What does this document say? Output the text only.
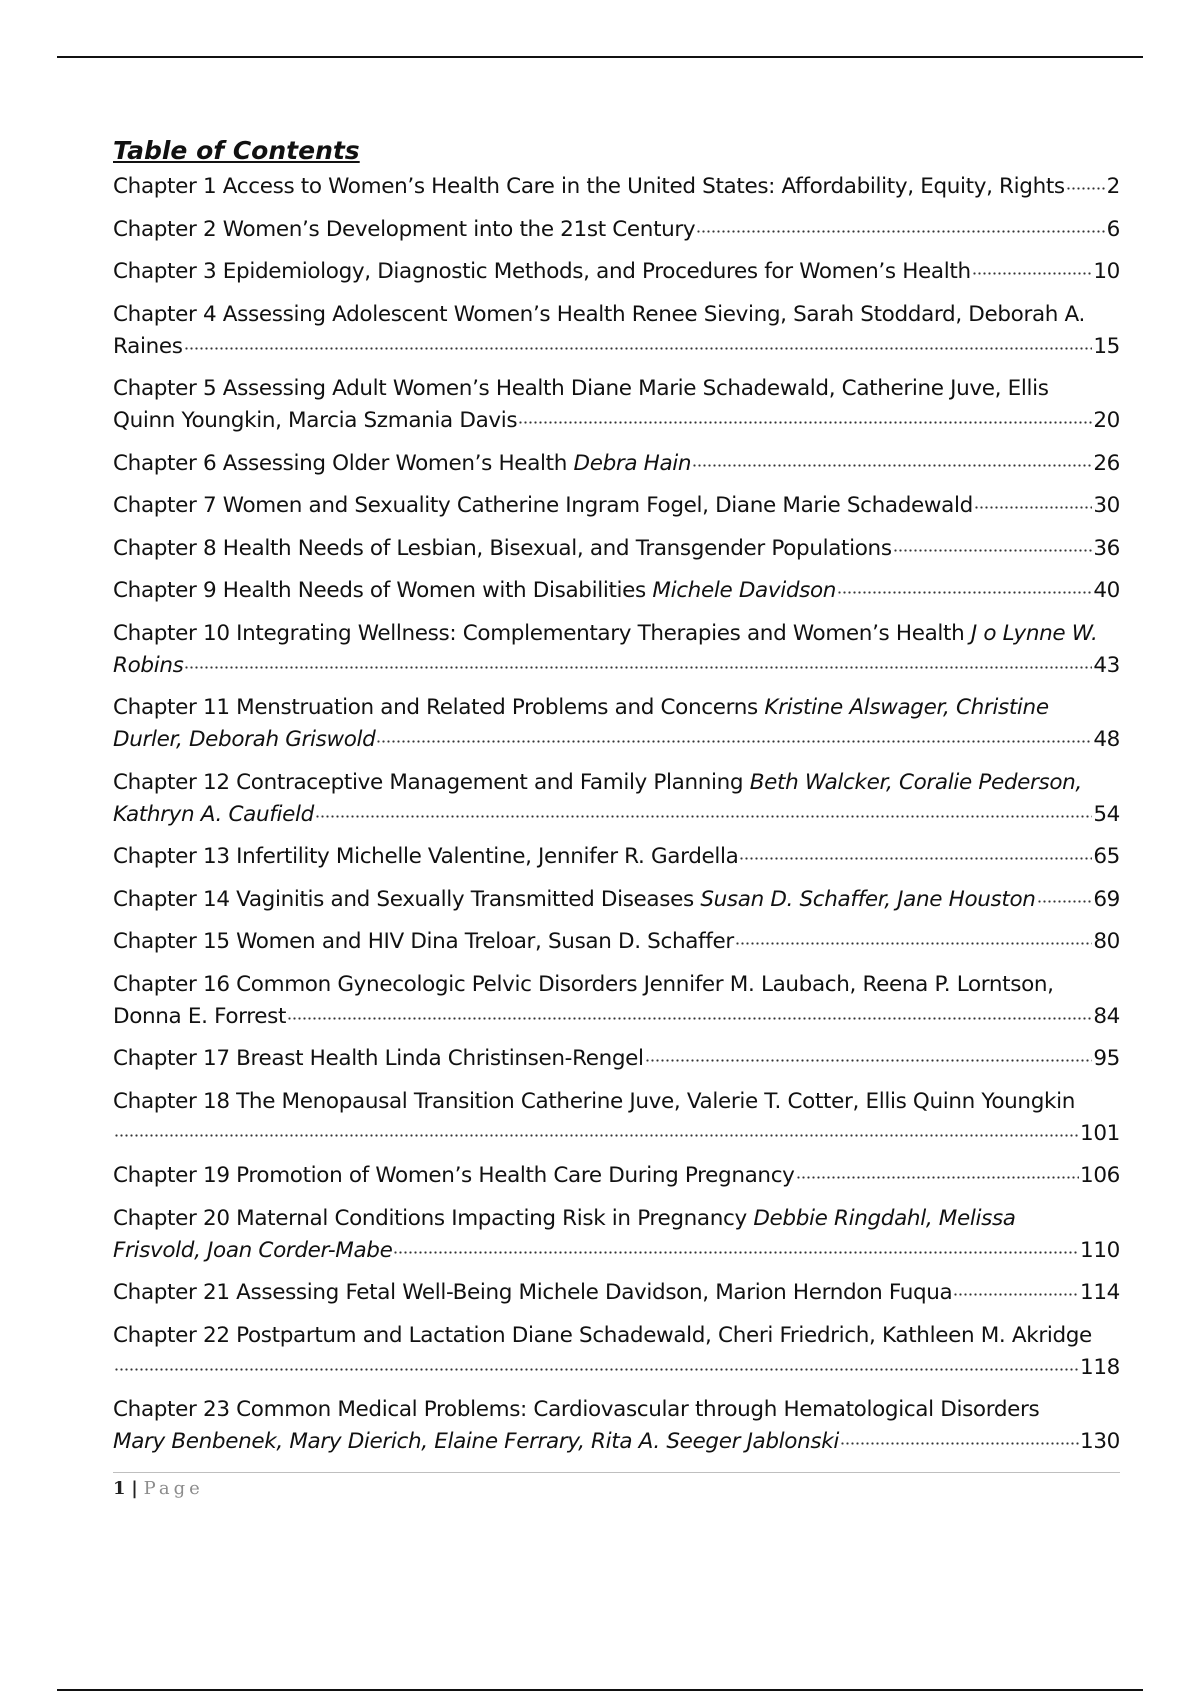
Table of Contents
Chapter 1 Access to Women’s Health Care in the United States: Affordability, Equity, Rights 2
Chapter 2 Women’s Development into the 21st Century	6
Chapter 3 Epidemiology, Diagnostic Methods, and Procedures for Women’s Health	10
Chapter 4 Assessing Adolescent Women’s Health Renee Sieving, Sarah Stoddard, Deborah A.
Raines	15
Chapter 5 Assessing Adult Women’s Health Diane Marie Schadewald, Catherine Juve, Ellis
Quinn Youngkin, Marcia Szmania Davis	20
Chapter 6 Assessing Older Women’s Health
Debra Hain	26
Chapter 7 Women and Sexuality Catherine Ingram Fogel, Diane Marie Schadewald	30
Chapter 8 Health Needs of Lesbian, Bisexual, and Transgender Populations	36
Chapter 9 Health Needs of Women with Disabilities
Michele Davidson	40
Chapter 10 Integrating Wellness: Complementary Therapies and Women’s Health J o Lynne W.
Robins	43
Chapter 11 Menstruation and Related Problems and Concerns Kristine Alswager, Christine
Durler, Deborah Griswold	48
Chapter 12 Contraceptive Management and Family Planning Beth Walcker, Coralie Pederson,
Kathryn A. Caufield	54
Chapter 13 Infertility Michelle Valentine, Jennifer R. Gardella	65
Chapter 14 Vaginitis and Sexually Transmitted Diseases
Susan D. Schaffer, Jane Houston	69
Chapter 15 Women and HIV Dina Treloar, Susan D. Schaffer	80
Chapter 16 Common Gynecologic Pelvic Disorders Jennifer M. Laubach, Reena P. Lorntson,
Donna E. Forrest	84
Chapter 17 Breast Health Linda Christinsen-Rengel	95
Chapter 18 The Menopausal Transition Catherine Juve, Valerie T. Cotter, Ellis Quinn Youngkin
101
Chapter 19 Promotion of Women’s Health Care During Pregnancy	106
Chapter 20 Maternal Conditions Impacting Risk in Pregnancy Debbie Ringdahl, Melissa
Frisvold, Joan Corder-Mabe	110
Chapter 21 Assessing Fetal Well-Being Michele Davidson, Marion Herndon Fuqua	114
Chapter 22 Postpartum and Lactation Diane Schadewald, Cheri Friedrich, Kathleen M. Akridge
118
Chapter 23 Common Medical Problems: Cardiovascular through Hematological Disorders
Mary Benbenek, Mary Dierich, Elaine Ferrary, Rita A. Seeger Jablonski	130
1 | Page
